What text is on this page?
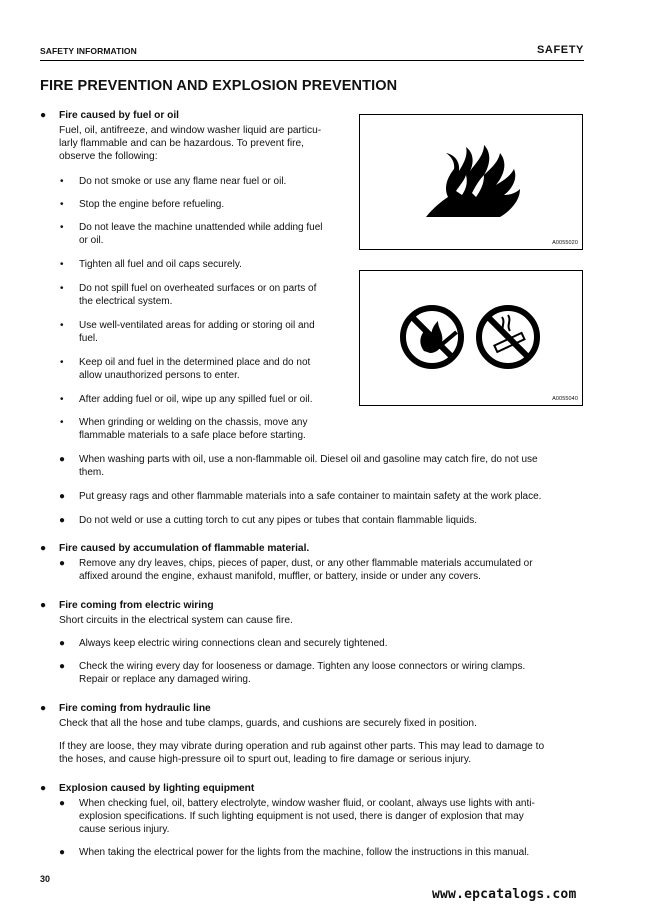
SAFETY INFORMATION	SAFETY
FIRE PREVENTION AND EXPLOSION PREVENTION
A0055020
A0055040
● Fire caused by fuel or oil
Fuel, oil, antifreeze, and window washer liquid are particu-
larly flammable and can be hazardous. To prevent fire,
observe the following:
• Do not smoke or use any flame near fuel or oil.
• Stop the engine before refueling.
• Do not leave the machine unattended while adding fuel
or oil.
• Tighten all fuel and oil caps securely.
• Do not spill fuel on overheated surfaces or on parts of
the electrical system.
• Use well-ventilated areas for adding or storing oil and
fuel.
• Keep oil and fuel in the determined place and do not
allow unauthorized persons to enter.
• After adding fuel or oil, wipe up any spilled fuel or oil.
• When grinding or welding on the chassis, move any
flammable materials to a safe place before starting.
● When washing parts with oil, use a non-flammable oil. Diesel oil and gasoline may catch fire, do not use
them.
● Put greasy rags and other flammable materials into a safe container to maintain safety at the work place.
● Do not weld or use a cutting torch to cut any pipes or tubes that contain flammable liquids.
● Fire caused by accumulation of flammable material.
● Remove any dry leaves, chips, pieces of paper, dust, or any other flammable materials accumulated or
affixed around the engine, exhaust manifold, muffler, or battery, inside or under any covers.
● Fire coming from electric wiring
Short circuits in the electrical system can cause fire.
● Always keep electric wiring connections clean and securely tightened.
● Check the wiring every day for looseness or damage. Tighten any loose connectors or wiring clamps.
Repair or replace any damaged wiring.
● Fire coming from hydraulic line
Check that all the hose and tube clamps, guards, and cushions are securely fixed in position.
If they are loose, they may vibrate during operation and rub against other parts. This may lead to damage to
the hoses, and cause high-pressure oil to spurt out, leading to fire damage or serious injury.
● Explosion caused by lighting equipment
● When checking fuel, oil, battery electrolyte, window washer fluid, or coolant, always use lights with anti-
explosion specifications. If such lighting equipment is not used, there is danger of explosion that may
cause serious injury.
● When taking the electrical power for the lights from the machine, follow the instructions in this manual.
30
www.epcatalogs.com
